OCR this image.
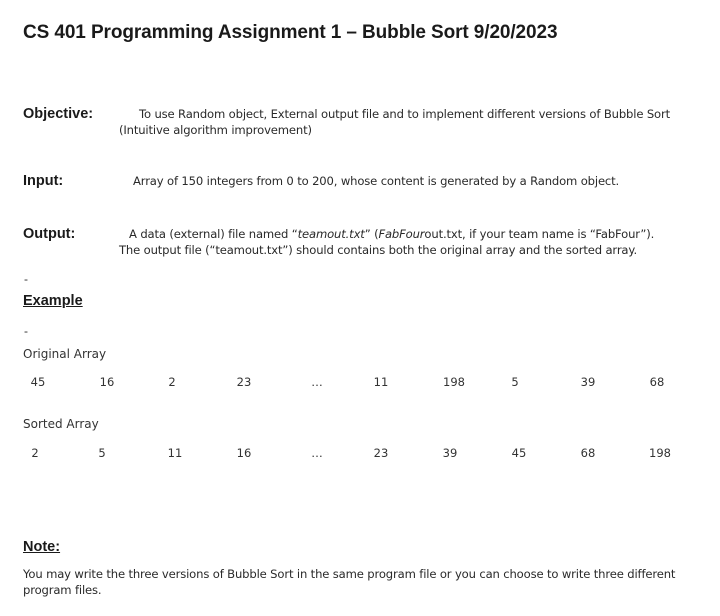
CS 401 Programming Assignment 1 – Bubble Sort 9/20/2023
Objective:	To use Random object, External output file and to implement different versions of Bubble Sort
(Intuitive algorithm improvement)
Input:	Array of 150 integers from 0 to 200, whose content is generated by a Random object.
Output:	A data (external) file named “teamout.txt” (FabFourout.txt, if your team name is “FabFour”).
The output file (“teamout.txt”) should contains both the original array and the sorted array.
-
Example
-
Original Array
45	16	2	23	…	11	198	5	39	68
Sorted Array
2	5	11	16	…	23	39	45	68	198
Note:
You may write the three versions of Bubble Sort in the same program file or you can choose to write three different
program files.
